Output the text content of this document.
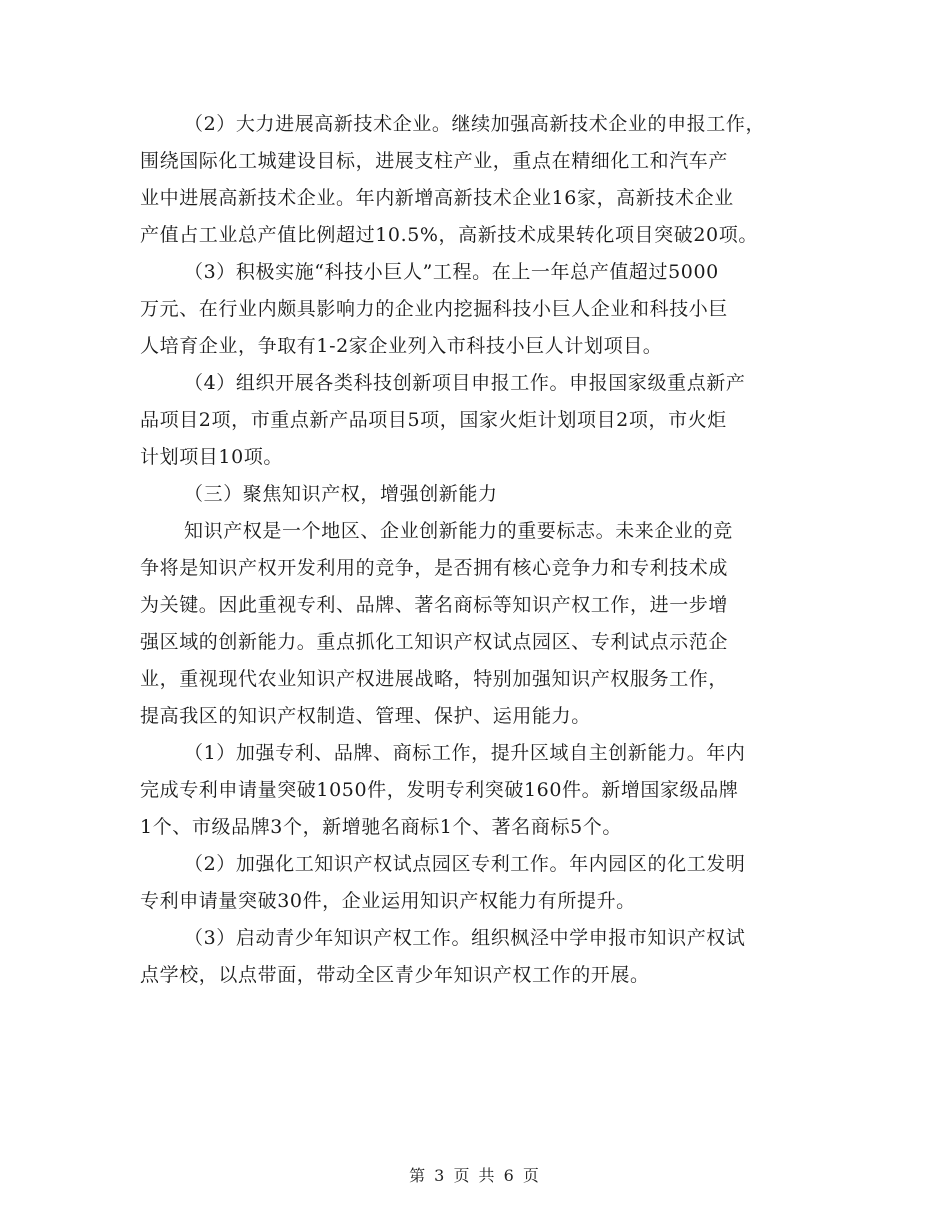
（2）大力进展高新技术企业。继续加强高新技术企业的申报工作，
围绕国际化工城建设目标，进展支柱产业，重点在精细化工和汽车产
业中进展高新技术企业。年内新增高新技术企业16家，高新技术企业
产值占工业总产值比例超过10.5%，高新技术成果转化项目突破20项。
（3）积极实施“科技小巨人”工程。在上一年总产值超过5000
万元、在行业内颇具影响力的企业内挖掘科技小巨人企业和科技小巨
人培育企业，争取有1-2家企业列入市科技小巨人计划项目。
（4）组织开展各类科技创新项目申报工作。申报国家级重点新产
品项目2项，市重点新产品项目5项，国家火炬计划项目2项，市火炬
计划项目10项。
（三）聚焦知识产权，增强创新能力
知识产权是一个地区、企业创新能力的重要标志。未来企业的竞
争将是知识产权开发利用的竞争，是否拥有核心竞争力和专利技术成
为关键。因此重视专利、品牌、著名商标等知识产权工作，进一步增
强区域的创新能力。重点抓化工知识产权试点园区、专利试点示范企
业，重视现代农业知识产权进展战略，特别加强知识产权服务工作，
提高我区的知识产权制造、管理、保护、运用能力。
（1）加强专利、品牌、商标工作，提升区域自主创新能力。年内
完成专利申请量突破1050件，发明专利突破160件。新增国家级品牌
1个、市级品牌3个，新增驰名商标1个、著名商标5个。
（2）加强化工知识产权试点园区专利工作。年内园区的化工发明
专利申请量突破30件，企业运用知识产权能力有所提升。
（3）启动青少年知识产权工作。组织枫泾中学申报市知识产权试
点学校，以点带面，带动全区青少年知识产权工作的开展。
第 3 页 共 6 页
